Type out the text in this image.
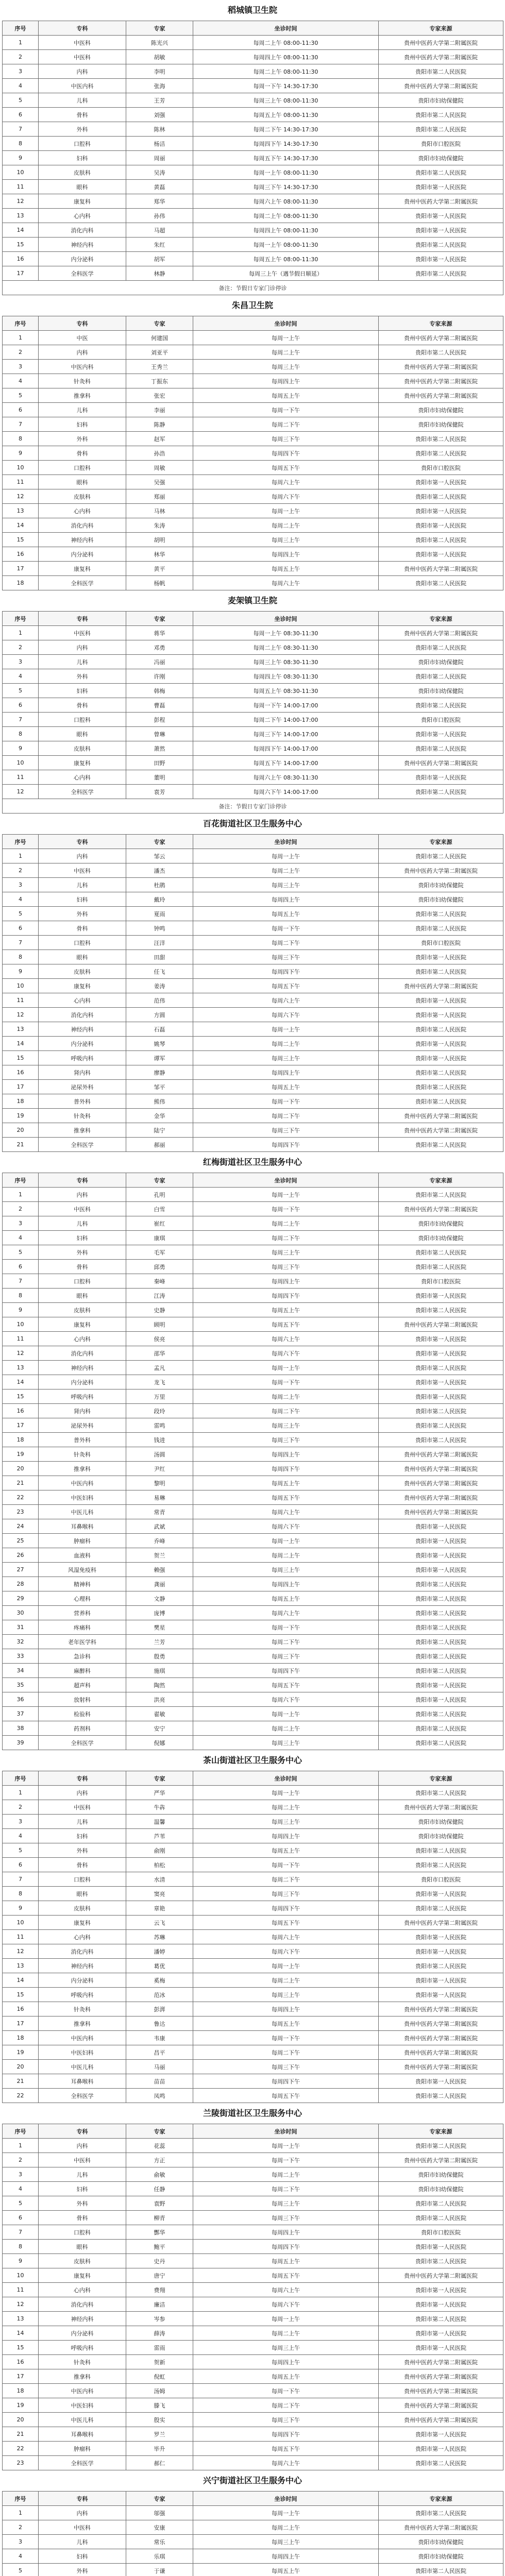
稻城镇卫生院
序号	专科	专家	坐诊时间	专家来源
1	中医科	陈光兴	每周二上午 08:00-11:30	贵州中医药大学第二附属医院
2	中医科	胡敏	每周四上午 08:00-11:30	贵州中医药大学第二附属医院
3	内科	李明	每周二上午 08:00-11:30	贵阳市第二人民医院
4	中医内科	张海	每周一下午 14:30-17:30	贵州中医药大学第二附属医院
5	儿科	王芳	每周三上午 08:00-11:30	贵阳市妇幼保健院
6	骨科	刘强	每周五上午 08:00-11:30	贵阳市第二人民医院
7	外科	陈林	每周二下午 14:30-17:30	贵阳市第二人民医院
8	口腔科	杨洁	每周四下午 14:30-17:30	贵阳市口腔医院
9	妇科	周丽	每周五下午 14:30-17:30	贵阳市妇幼保健院
10	皮肤科	吴涛	每周一上午 08:00-11:30	贵阳市第二人民医院
11	眼科	黄磊	每周三下午 14:30-17:30	贵阳市第一人民医院
12	康复科	郑华	每周六上午 08:00-11:30	贵州中医药大学第二附属医院
13	心内科	孙伟	每周二上午 08:00-11:30	贵阳市第一人民医院
14	消化内科	马超	每周四上午 08:00-11:30	贵阳市第一人民医院
15	神经内科	朱红	每周一上午 08:00-11:30	贵阳市第二人民医院
16	内分泌科	胡军	每周五上午 08:00-11:30	贵阳市第一人民医院
17	全科医学	林静	每周三上午（遇节假日顺延）	贵阳市第二人民医院
备注：节假日专家门诊停诊				
朱昌卫生院
序号	专科	专家	坐诊时间	专家来源
1	中医	何建国	每周一上午	贵州中医药大学第二附属医院
2	内科	刘亚平	每周二上午	贵阳市第二人民医院
3	中医内科	王秀兰	每周三上午	贵州中医药大学第二附属医院
4	针灸科	丁振东	每周四上午	贵州中医药大学第二附属医院
5	推拿科	张宏	每周五上午	贵州中医药大学第二附属医院
6	儿科	李丽	每周一下午	贵阳市妇幼保健院
7	妇科	陈静	每周二下午	贵阳市妇幼保健院
8	外科	赵军	每周三下午	贵阳市第二人民医院
9	骨科	孙浩	每周四下午	贵阳市第二人民医院
10	口腔科	周敏	每周五下午	贵阳市口腔医院
11	眼科	吴强	每周六上午	贵阳市第一人民医院
12	皮肤科	郑丽	每周六下午	贵阳市第二人民医院
13	心内科	马林	每周一上午	贵阳市第一人民医院
14	消化内科	朱涛	每周二上午	贵阳市第一人民医院
15	神经内科	胡明	每周三上午	贵阳市第二人民医院
16	内分泌科	林华	每周四上午	贵阳市第一人民医院
17	康复科	黄平	每周五上午	贵州中医药大学第二附属医院
18	全科医学	杨帆	每周六上午	贵阳市第二人民医院
麦架镇卫生院
序号	专科	专家	坐诊时间	专家来源
1	中医科	蒋华	每周一上午 08:30-11:30	贵州中医药大学第二附属医院
2	内科	邓勇	每周二上午 08:30-11:30	贵阳市第二人民医院
3	儿科	冯丽	每周三上午 08:30-11:30	贵阳市妇幼保健院
4	外科	许刚	每周四上午 08:30-11:30	贵阳市第二人民医院
5	妇科	韩梅	每周五上午 08:30-11:30	贵阳市妇幼保健院
6	骨科	曹磊	每周一下午 14:00-17:00	贵阳市第二人民医院
7	口腔科	彭程	每周二下午 14:00-17:00	贵阳市口腔医院
8	眼科	曾琳	每周三下午 14:00-17:00	贵阳市第一人民医院
9	皮肤科	萧然	每周四下午 14:00-17:00	贵阳市第二人民医院
10	康复科	田野	每周五下午 14:00-17:00	贵州中医药大学第二附属医院
11	心内科	董明	每周六上午 08:30-11:30	贵阳市第一人民医院
12	全科医学	袁芳	每周六下午 14:00-17:00	贵阳市第二人民医院
备注：节假日专家门诊停诊				
百花街道社区卫生服务中心
序号	专科	专家	坐诊时间	专家来源
1	内科	邹云	每周一上午	贵阳市第二人民医院
2	中医科	潘杰	每周二上午	贵州中医药大学第二附属医院
3	儿科	杜鹃	每周三上午	贵阳市妇幼保健院
4	妇科	戴玲	每周四上午	贵阳市妇幼保健院
5	外科	夏雨	每周五上午	贵阳市第二人民医院
6	骨科	钟鸣	每周一下午	贵阳市第二人民医院
7	口腔科	汪洋	每周二下午	贵阳市口腔医院
8	眼科	田甜	每周三下午	贵阳市第一人民医院
9	皮肤科	任飞	每周四下午	贵阳市第二人民医院
10	康复科	姜涛	每周五下午	贵州中医药大学第二附属医院
11	心内科	范伟	每周六上午	贵阳市第一人民医院
12	消化内科	方圆	每周六下午	贵阳市第一人民医院
13	神经内科	石磊	每周一上午	贵阳市第二人民医院
14	内分泌科	姚琴	每周二上午	贵阳市第一人民医院
15	呼吸内科	谭军	每周三上午	贵阳市第一人民医院
16	肾内科	廖静	每周四上午	贵阳市第二人民医院
17	泌尿外科	邹平	每周五上午	贵阳市第二人民医院
18	普外科	熊伟	每周一下午	贵阳市第二人民医院
19	针灸科	金华	每周二下午	贵州中医药大学第二附属医院
20	推拿科	陆宁	每周三下午	贵州中医药大学第二附属医院
21	全科医学	郝丽	每周四下午	贵阳市第二人民医院
红梅街道社区卫生服务中心
序号	专科	专家	坐诊时间	专家来源
1	内科	孔明	每周一上午	贵阳市第二人民医院
2	中医科	白雪	每周一下午	贵州中医药大学第二附属医院
3	儿科	崔红	每周二上午	贵阳市妇幼保健院
4	妇科	康琪	每周二下午	贵阳市妇幼保健院
5	外科	毛军	每周三上午	贵阳市第二人民医院
6	骨科	邱勇	每周三下午	贵阳市第二人民医院
7	口腔科	秦峰	每周四上午	贵阳市口腔医院
8	眼科	江涛	每周四下午	贵阳市第一人民医院
9	皮肤科	史静	每周五上午	贵阳市第二人民医院
10	康复科	顾明	每周五下午	贵州中医药大学第二附属医院
11	心内科	侯亮	每周六上午	贵阳市第一人民医院
12	消化内科	邵华	每周六下午	贵阳市第一人民医院
13	神经内科	孟凡	每周一上午	贵阳市第二人民医院
14	内分泌科	龙飞	每周一下午	贵阳市第一人民医院
15	呼吸内科	万里	每周二上午	贵阳市第一人民医院
16	肾内科	段玲	每周二下午	贵阳市第二人民医院
17	泌尿外科	雷鸣	每周三上午	贵阳市第二人民医院
18	普外科	钱进	每周三下午	贵阳市第二人民医院
19	针灸科	汤圆	每周四上午	贵州中医药大学第二附属医院
20	推拿科	尹红	每周四下午	贵州中医药大学第二附属医院
21	中医内科	黎明	每周五上午	贵州中医药大学第二附属医院
22	中医妇科	易琳	每周五下午	贵州中医药大学第二附属医院
23	中医儿科	常青	每周六上午	贵州中医药大学第二附属医院
24	耳鼻喉科	武斌	每周六下午	贵阳市第一人民医院
25	肿瘤科	乔峰	每周一上午	贵阳市第一人民医院
26	血液科	贺兰	每周二上午	贵阳市第一人民医院
27	风湿免疫科	赖强	每周三上午	贵阳市第一人民医院
28	精神科	龚丽	每周四上午	贵阳市第二人民医院
29	心理科	文静	每周五上午	贵阳市第二人民医院
30	营养科	庞博	每周六上午	贵阳市第二人民医院
31	疼痛科	樊星	每周一下午	贵阳市第二人民医院
32	老年医学科	兰芳	每周二下午	贵阳市第二人民医院
33	急诊科	殷勇	每周三下午	贵阳市第二人民医院
34	麻醉科	施琪	每周四下午	贵阳市第二人民医院
35	超声科	陶然	每周五下午	贵阳市第一人民医院
36	放射科	洪亮	每周六下午	贵阳市第一人民医院
37	检验科	翟敏	每周一上午	贵阳市第二人民医院
38	药剂科	安宁	每周二上午	贵阳市第二人民医院
39	全科医学	倪娜	每周三上午	贵阳市第二人民医院
茶山街道社区卫生服务中心
序号	专科	专家	坐诊时间	专家来源
1	内科	严华	每周一上午	贵阳市第二人民医院
2	中医科	牛犇	每周二上午	贵州中医药大学第二附属医院
3	儿科	温馨	每周三上午	贵阳市妇幼保健院
4	妇科	芦苇	每周四上午	贵阳市妇幼保健院
5	外科	俞刚	每周五上午	贵阳市第二人民医院
6	骨科	柏松	每周一下午	贵阳市第二人民医院
7	口腔科	水清	每周二下午	贵阳市口腔医院
8	眼科	窦亮	每周三下午	贵阳市第一人民医院
9	皮肤科	章艳	每周四下午	贵阳市第二人民医院
10	康复科	云飞	每周五下午	贵州中医药大学第二附属医院
11	心内科	苏琳	每周六上午	贵阳市第一人民医院
12	消化内科	潘婷	每周六下午	贵阳市第一人民医院
13	神经内科	葛优	每周一上午	贵阳市第二人民医院
14	内分泌科	奚梅	每周二上午	贵阳市第一人民医院
15	呼吸内科	范冰	每周三上午	贵阳市第一人民医院
16	针灸科	彭湃	每周四上午	贵州中医药大学第二附属医院
17	推拿科	鲁达	每周五上午	贵州中医药大学第二附属医院
18	中医内科	韦康	每周一下午	贵州中医药大学第二附属医院
19	中医妇科	昌平	每周二下午	贵州中医药大学第二附属医院
20	中医儿科	马丽	每周三下午	贵州中医药大学第二附属医院
21	耳鼻喉科	苗苗	每周四下午	贵阳市第一人民医院
22	全科医学	凤鸣	每周五下午	贵阳市第二人民医院
兰陵街道社区卫生服务中心
序号	专科	专家	坐诊时间	专家来源
1	内科	花蕊	每周一上午	贵阳市第二人民医院
2	中医科	方正	每周一下午	贵州中医药大学第二附属医院
3	儿科	俞敏	每周二上午	贵阳市妇幼保健院
4	妇科	任静	每周二下午	贵阳市妇幼保健院
5	外科	袁野	每周三上午	贵阳市第二人民医院
6	骨科	柳青	每周三下午	贵阳市第二人民医院
7	口腔科	酆华	每周四上午	贵阳市口腔医院
8	眼科	鲍平	每周四下午	贵阳市第一人民医院
9	皮肤科	史丹	每周五上午	贵阳市第二人民医院
10	康复科	唐宁	每周五下午	贵州中医药大学第二附属医院
11	心内科	费翔	每周六上午	贵阳市第一人民医院
12	消化内科	廉洁	每周六下午	贵阳市第一人民医院
13	神经内科	岑参	每周一上午	贵阳市第二人民医院
14	内分泌科	薛涛	每周二上午	贵阳市第一人民医院
15	呼吸内科	雷雨	每周三上午	贵阳市第一人民医院
16	针灸科	贺新	每周四上午	贵州中医药大学第二附属医院
17	推拿科	倪虹	每周五上午	贵州中医药大学第二附属医院
18	中医内科	汤姆	每周一下午	贵州中医药大学第二附属医院
19	中医妇科	滕飞	每周二下午	贵州中医药大学第二附属医院
20	中医儿科	殷实	每周三下午	贵州中医药大学第二附属医院
21	耳鼻喉科	罗兰	每周四下午	贵阳市第一人民医院
22	肿瘤科	毕升	每周五下午	贵阳市第一人民医院
23	全科医学	郝仁	每周六上午	贵阳市第二人民医院
兴宁街道社区卫生服务中心
序号	专科	专家	坐诊时间	专家来源
1	内科	邬强	每周一上午	贵阳市第二人民医院
2	中医科	安康	每周二上午	贵州中医药大学第二附属医院
3	儿科	常乐	每周三上午	贵阳市妇幼保健院
4	妇科	乐琪	每周四上午	贵阳市妇幼保健院
5	外科	于谦	每周五上午	贵阳市第二人民医院
